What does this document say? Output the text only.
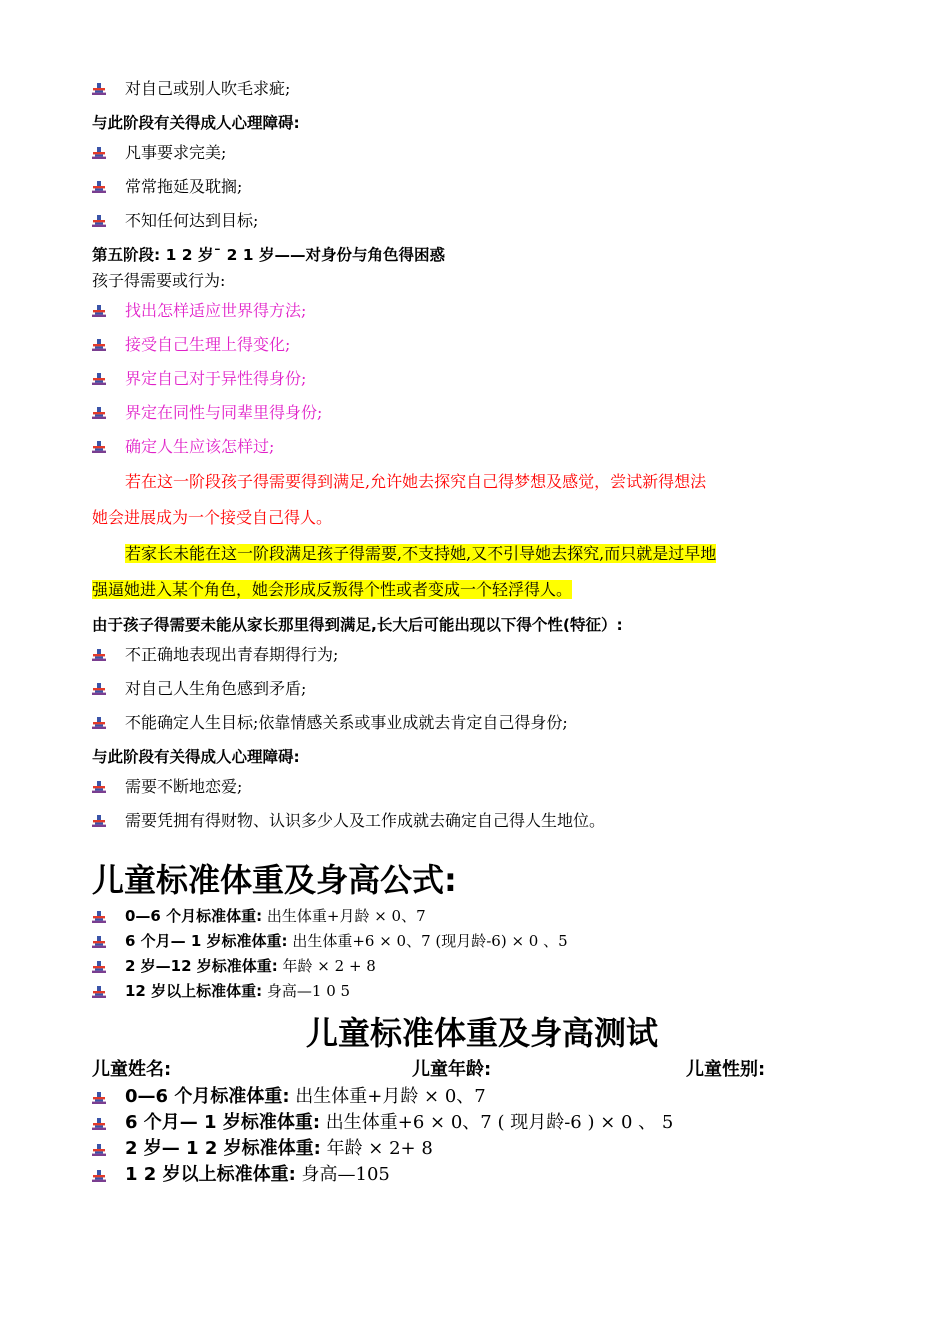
对自己或别人吹毛求疵;
与此阶段有关得成人心理障碍:
凡事要求完美;
常常拖延及耽搁;
不知任何达到目标;
第五阶段: 1 2 岁¯ 2 1 岁——对身份与角色得困惑
孩子得需要或行为:
找出怎样适应世界得方法;
接受自己生理上得变化;
界定自己对于异性得身份;
界定在同性与同辈里得身份;
确定人生应该怎样过;
若在这一阶段孩子得需要得到满足,允许她去探究自己得梦想及感觉，尝试新得想法
她会进展成为一个接受自己得人。
若家长未能在这一阶段满足孩子得需要,不支持她,又不引导她去探究,而只就是过早地
强逼她进入某个角色，她会形成反叛得个性或者变成一个轻浮得人。
由于孩子得需要未能从家长那里得到满足,长大后可能出现以下得个性(特征）:
不正确地表现出青春期得行为;
对自己人生角色感到矛盾;
不能确定人生目标;依靠情感关系或事业成就去肯定自己得身份;
与此阶段有关得成人心理障碍:
需要不断地恋爱;
需要凭拥有得财物、认识多少人及工作成就去确定自己得人生地位。
儿童标准体重及身高公式:
0—6 个月标准体重: 出生体重+月龄 × 0、7
6 个月— 1 岁标准体重: 出生体重+6 × 0、7 (现月龄-6) × 0 、5
2 岁—12 岁标准体重: 年龄 × 2 + 8
12 岁以上标准体重: 身高—1 0 5
儿童标准体重及身高测试
儿童姓名:	儿童年龄:	儿童性别:
0—6 个月标准体重: 出生体重+月龄 × 0、7
6 个月— 1 岁标准体重: 出生体重+6 × 0、7 ( 现月龄-6 ) × 0 、 5
2 岁— 1 2 岁标准体重: 年龄 × 2+ 8
1 2 岁以上标准体重: 身高—105
